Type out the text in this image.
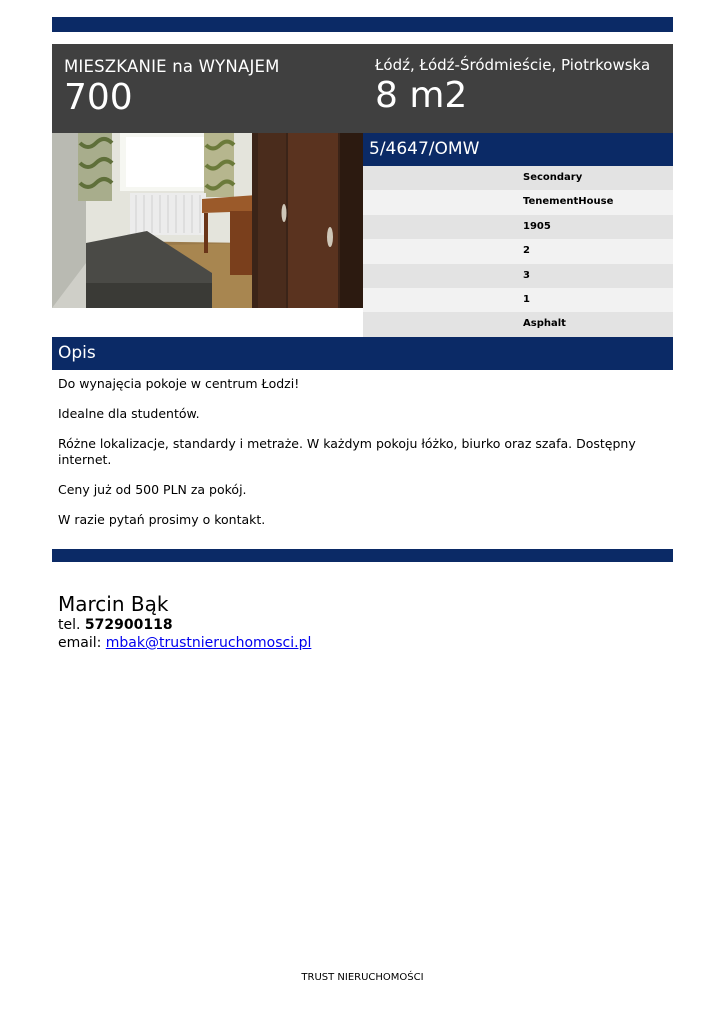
MIESZKANIE na WYNAJEM
700
Łódź, Łódź-Śródmieście, Piotrkowska
8 m2
5/4647/OMW
Secondary
TenementHouse
1905
2
3
1
Asphalt
Opis

Do wynajęcia pokoje w centrum Łodzi!

Idealne dla studentów.

Różne lokalizacje, standardy i metraże. W każdym pokoju łóżko, biurko oraz szafa. Dostępny internet.

Ceny już od 500 PLN za pokój.

W razie pytań prosimy o kontakt.

Marcin Bąk
tel. 572900118
email: mbak@trustnieruchomosci.pl
TRUST NIERUCHOMOŚCI
